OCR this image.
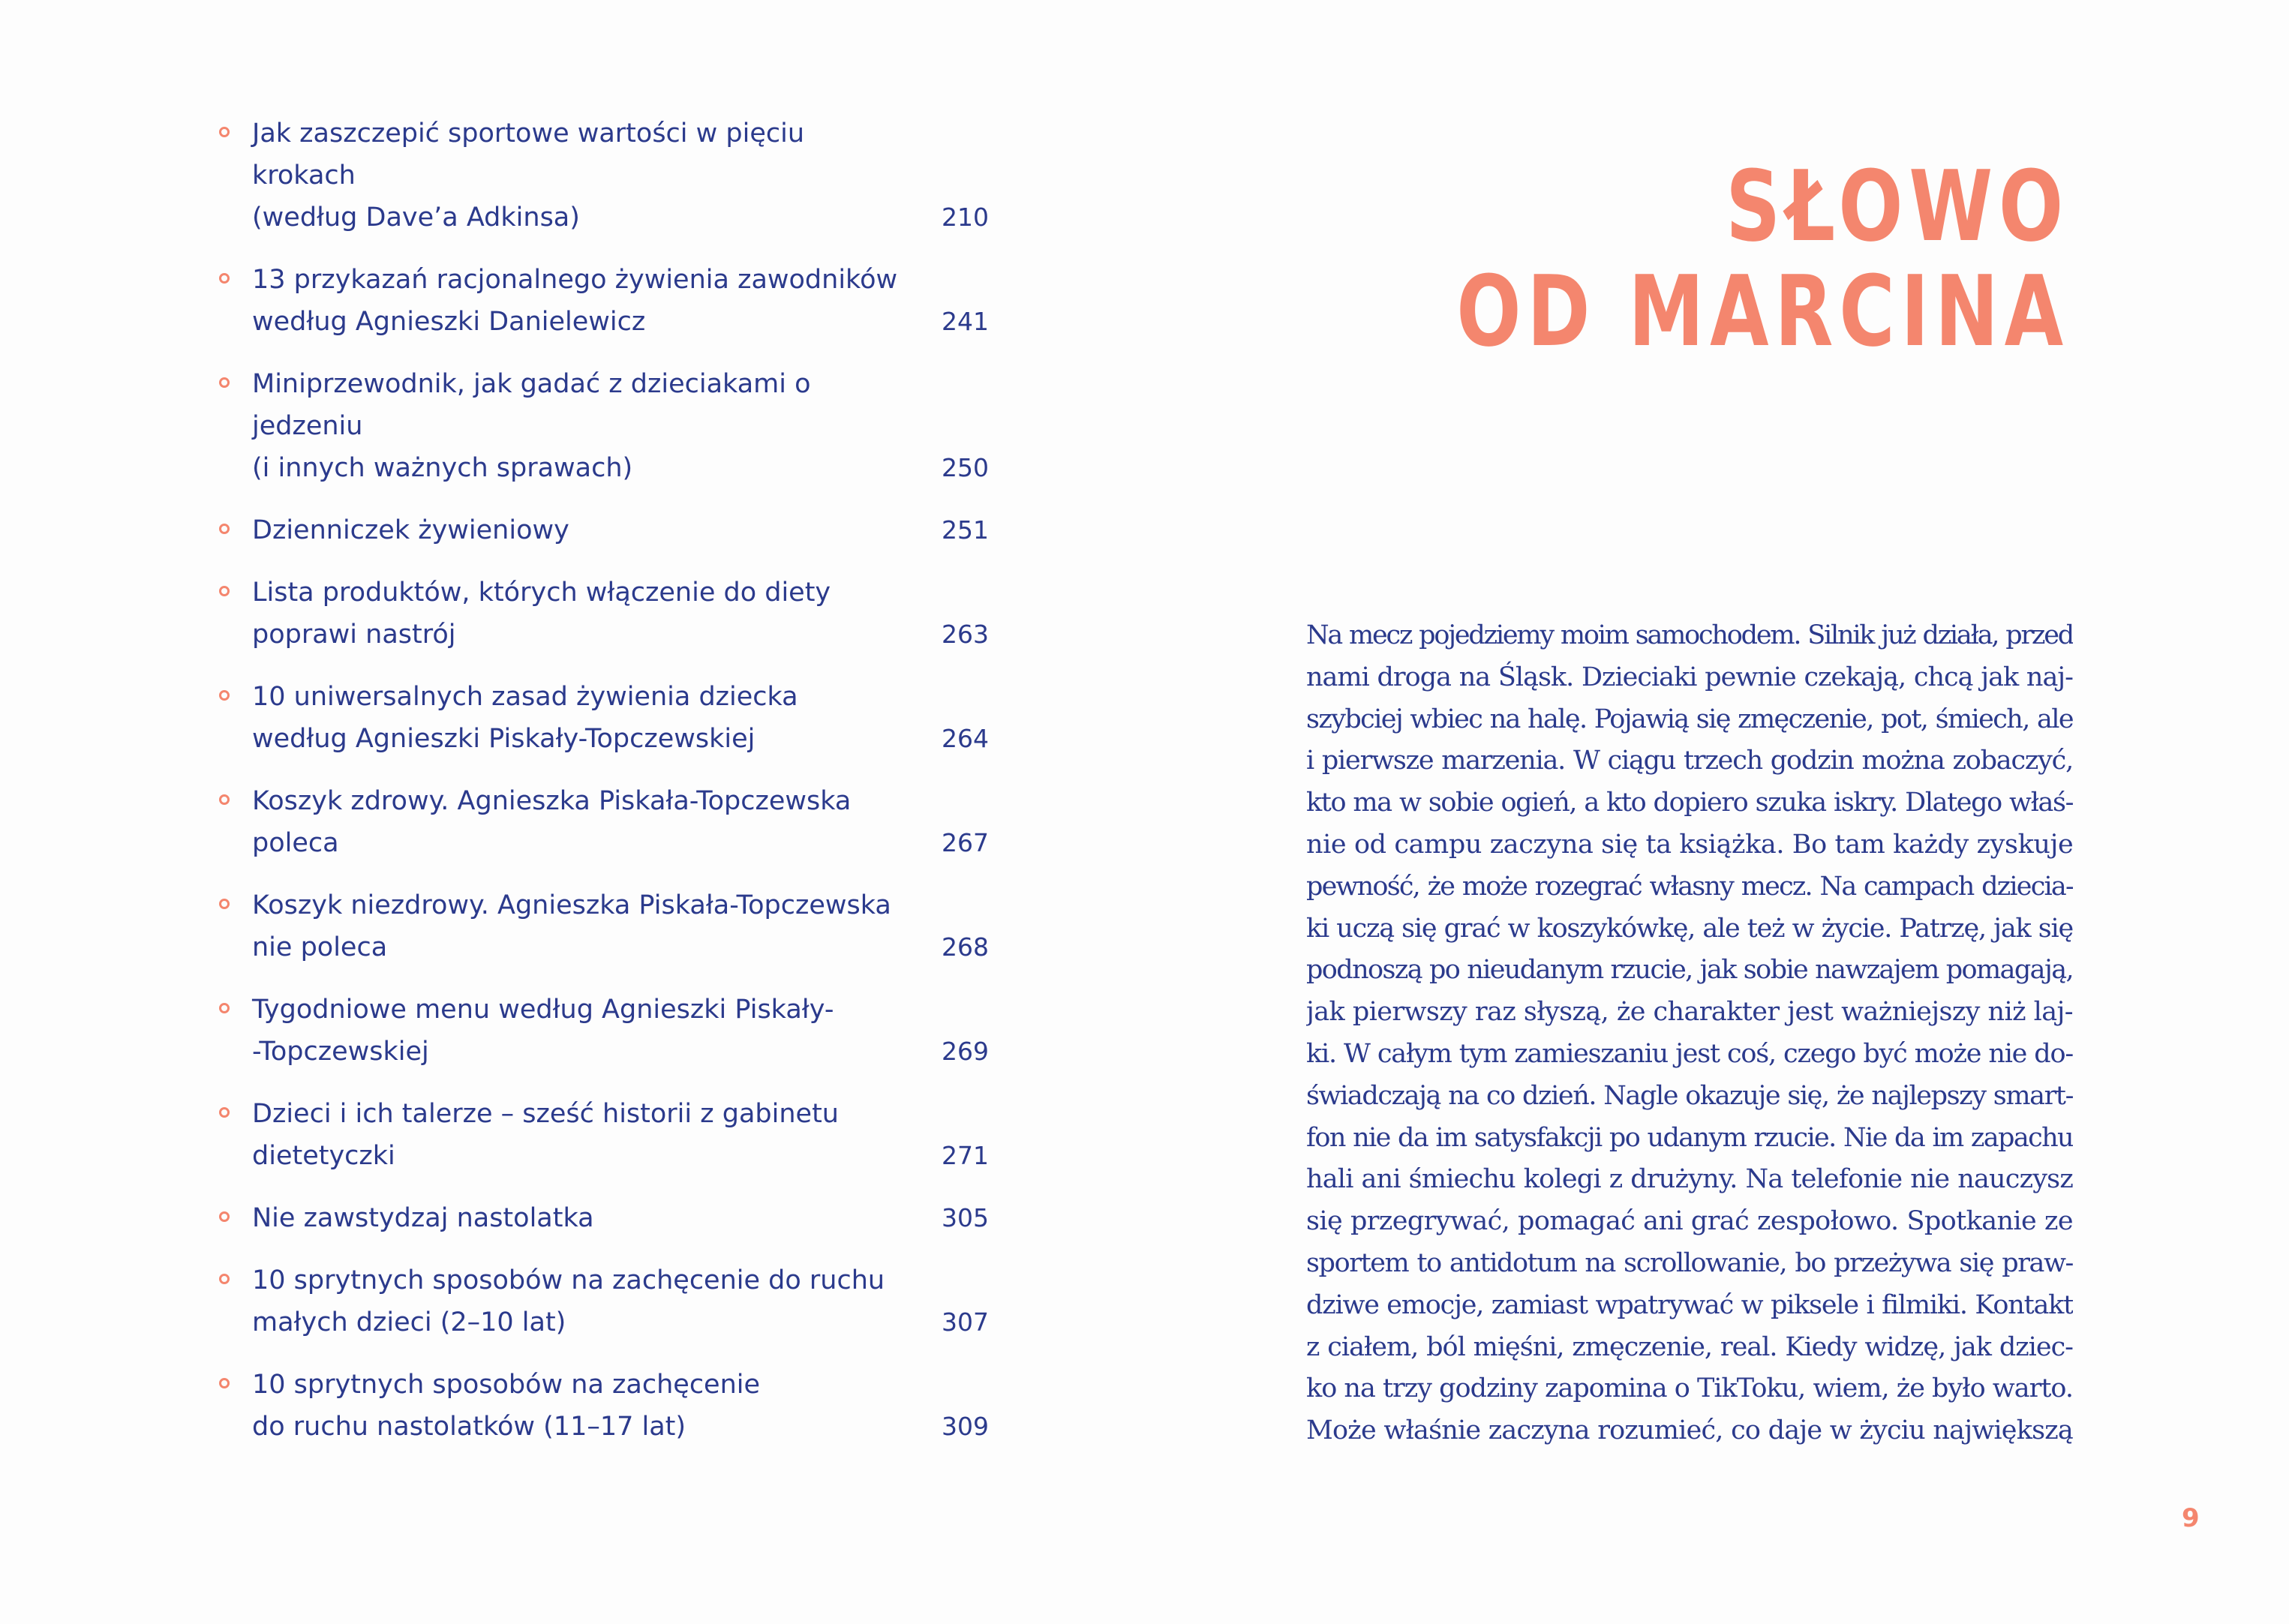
Jak zaszczepić sportowe wartości w pięciu krokach
(według Dave’a Adkinsa)	210
13 przykazań racjonalnego żywienia zawodników
według Agnieszki Danielewicz	241
Miniprzewodnik, jak gadać z dzieciakami o jedzeniu
(i innych ważnych sprawach)	250
Dzienniczek żywieniowy	251
Lista produktów, których włączenie do diety
poprawi nastrój	263
10 uniwersalnych zasad żywienia dziecka
według Agnieszki Piskały-Topczewskiej	264
Koszyk zdrowy. Agnieszka Piskała-Topczewska poleca	267
Koszyk niezdrowy. Agnieszka Piskała-Topczewska
nie poleca	268
Tygodniowe menu według Agnieszki Piskały-
-Topczewskiej	269
Dzieci i ich talerze – sześć historii z gabinetu
dietetyczki	271
Nie zawstydzaj nastolatka	305
10 sprytnych sposobów na zachęcenie do ruchu
małych dzieci (2–10 lat)	307
10 sprytnych sposobów na zachęcenie
do ruchu nastolatków (11–17 lat)	309
SŁOWO
OD MARCINA
Na mecz pojedziemy moim samochodem. Silnik już działa, przed
nami droga na Śląsk. Dzieciaki pewnie czekają, chcą jak naj-
szybciej wbiec na halę. Pojawią się zmęczenie, pot, śmiech, ale
i pierwsze marzenia. W ciągu trzech godzin można zobaczyć,
kto ma w sobie ogień, a kto dopiero szuka iskry. Dlatego właś-
nie od campu zaczyna się ta książka. Bo tam każdy zyskuje
pewność, że może rozegrać własny mecz. Na campach dziecia-
ki uczą się grać w koszykówkę, ale też w życie. Patrzę, jak się
podnoszą po nieudanym rzucie, jak sobie nawzajem pomagają,
jak pierwszy raz słyszą, że charakter jest ważniejszy niż laj-
ki. W całym tym zamieszaniu jest coś, czego być może nie do-
świadczają na co dzień. Nagle okazuje się, że najlepszy smart-
fon nie da im satysfakcji po udanym rzucie. Nie da im zapachu
hali ani śmiechu kolegi z drużyny. Na telefonie nie nauczysz
się przegrywać, pomagać ani grać zespołowo. Spotkanie ze
sportem to antidotum na scrollowanie, bo przeżywa się praw-
dziwe emocje, zamiast wpatrywać w piksele i filmiki. Kontakt
z ciałem, ból mięśni, zmęczenie, real. Kiedy widzę, jak dziec-
ko na trzy godziny zapomina o TikToku, wiem, że było warto.
Może właśnie zaczyna rozumieć, co daje w życiu największą
9
